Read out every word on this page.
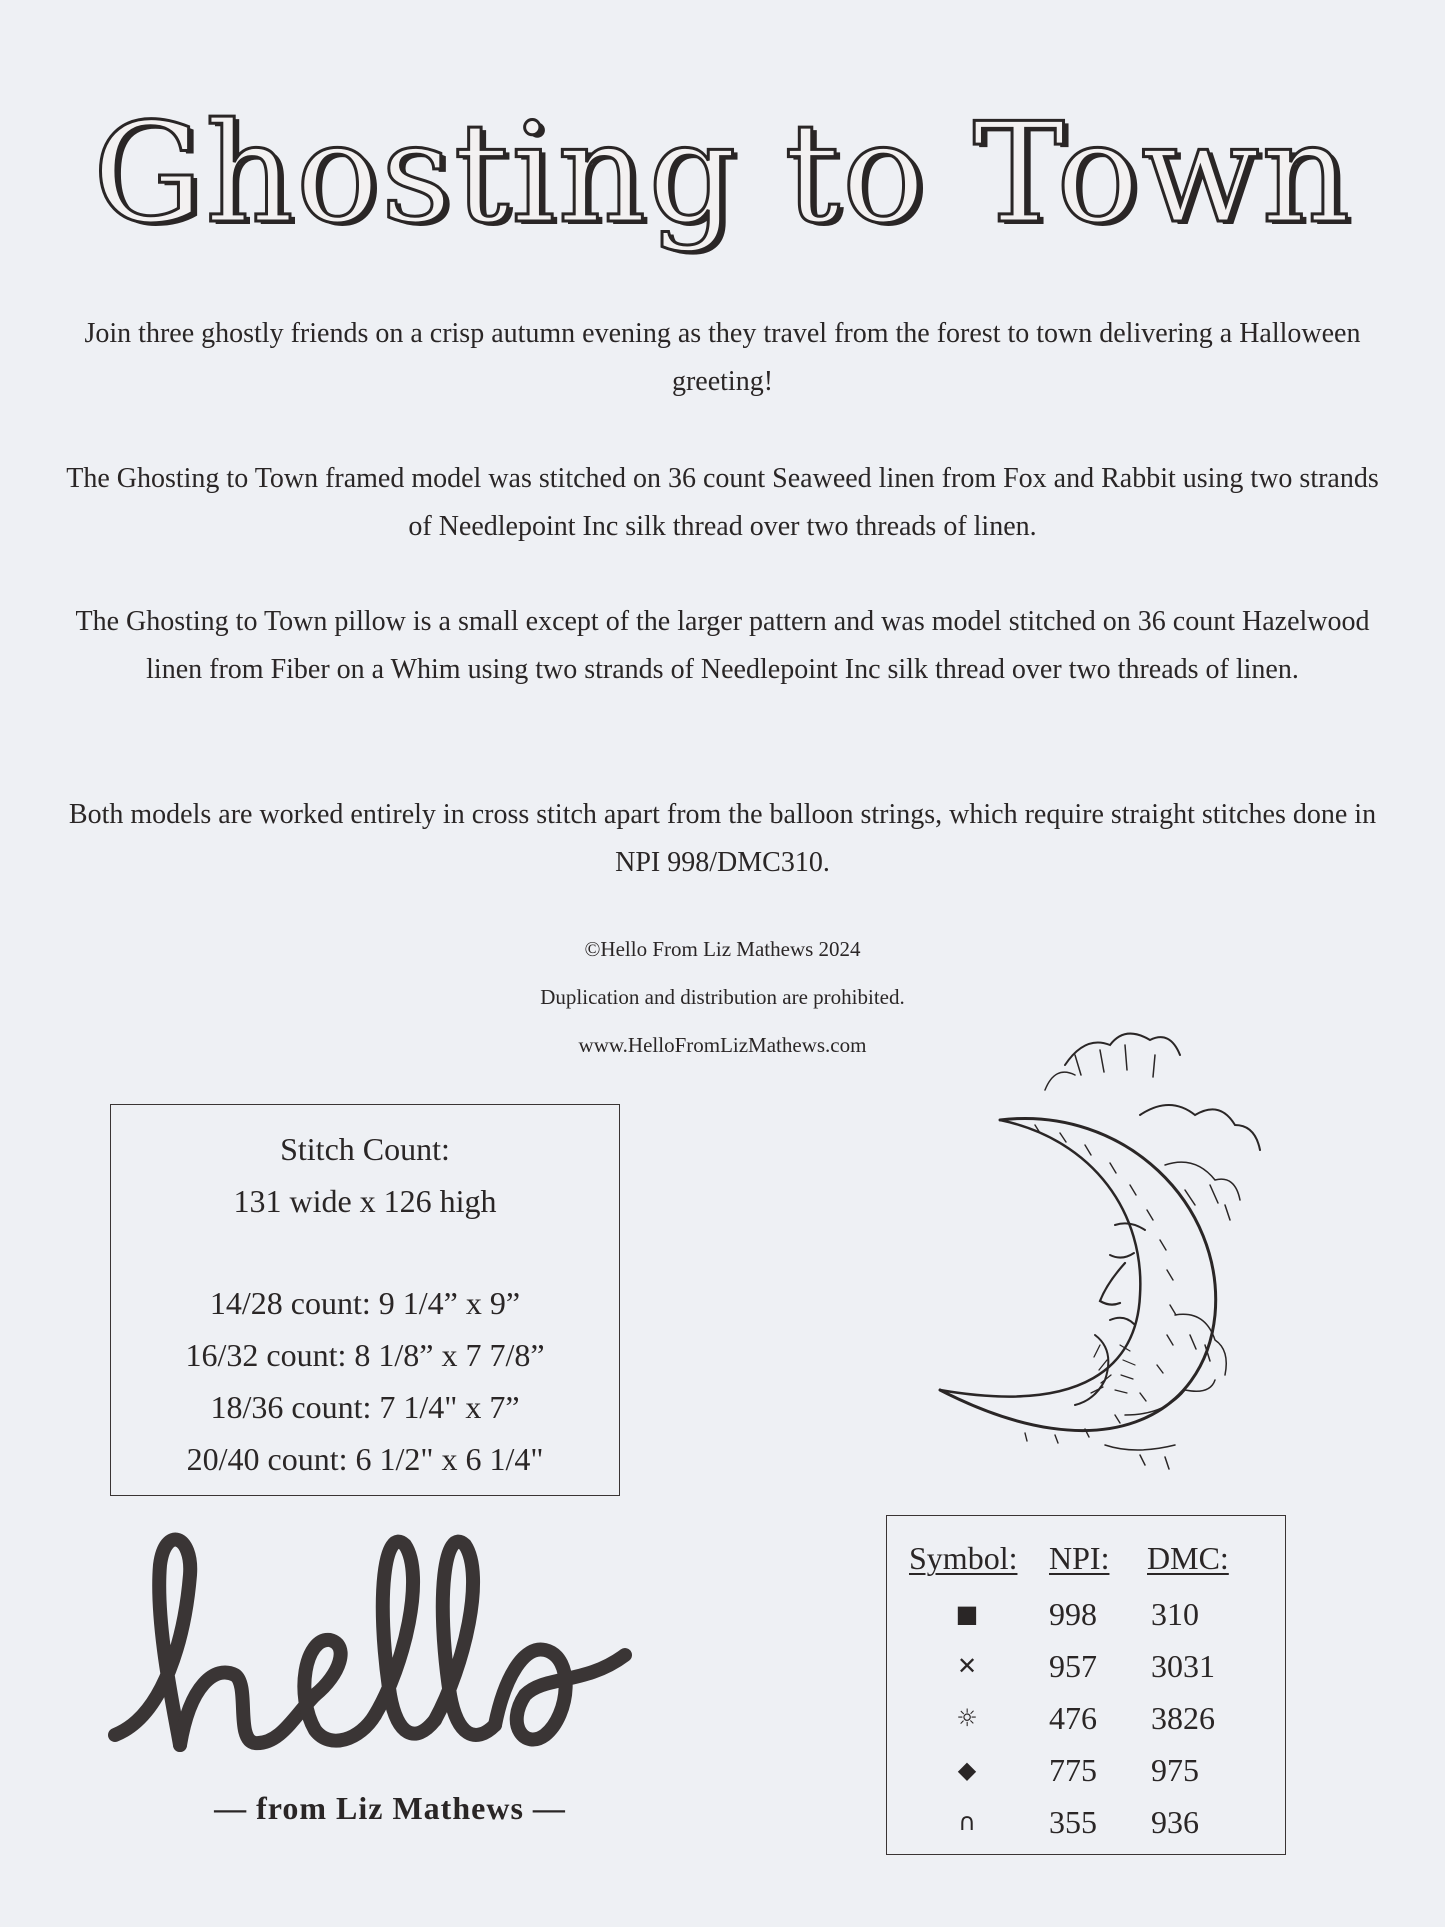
Ghosting to Town
Join three ghostly friends on a crisp autumn evening as they travel from the forest to town delivering a Halloween greeting!
The Ghosting to Town framed model was stitched on 36 count Seaweed linen from Fox and Rabbit using two strands of Needlepoint Inc silk thread over two threads of linen.
The Ghosting to Town pillow is a small except of the larger pattern and was model stitched on 36 count Hazelwood linen from Fiber on a Whim using two strands of Needlepoint Inc silk thread over two threads of linen.
Both models are worked entirely in cross stitch apart from the balloon strings, which require straight stitches done in NPI 998/DMC310.
©Hello From Liz Mathews 2024
Duplication and distribution are prohibited.
www.HelloFromLizMathews.com
Stitch Count:
131 wide x 126 high
14/28 count: 9 1/4” x 9”
16/32 count: 8 1/8” x 7 7/8”
18/36 count: 7 1/4" x 7”
20/40 count: 6 1/2" x 6 1/4"
— from Liz Mathews —
Symbol: NPI: DMC:
■ 998 310
✕	957 3031
☼ 476 3826
◆	775 975
∩	355 936
